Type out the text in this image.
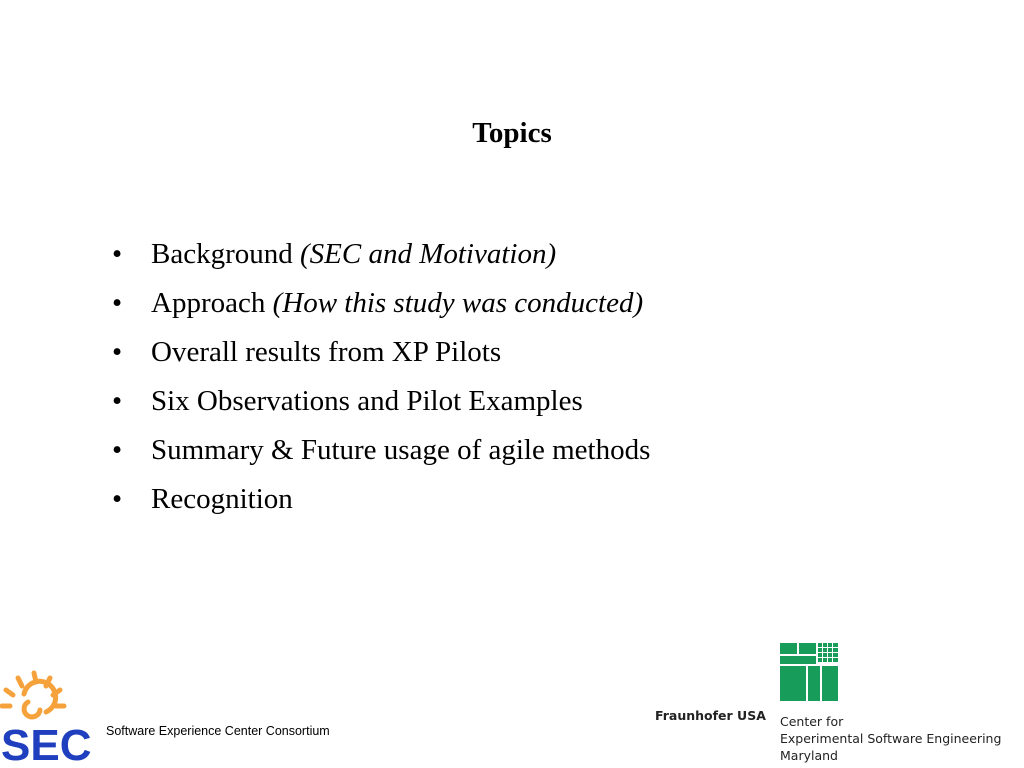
Topics
• Background (SEC and Motivation)
• Approach (How this study was conducted)
• Overall results from XP Pilots
• Six Observations and Pilot Examples
• Summary & Future usage of agile methods
• Recognition
SEC Software Experience Center Consortium
Fraunhofer USA Center for
Experimental Software Engineering
Maryland
